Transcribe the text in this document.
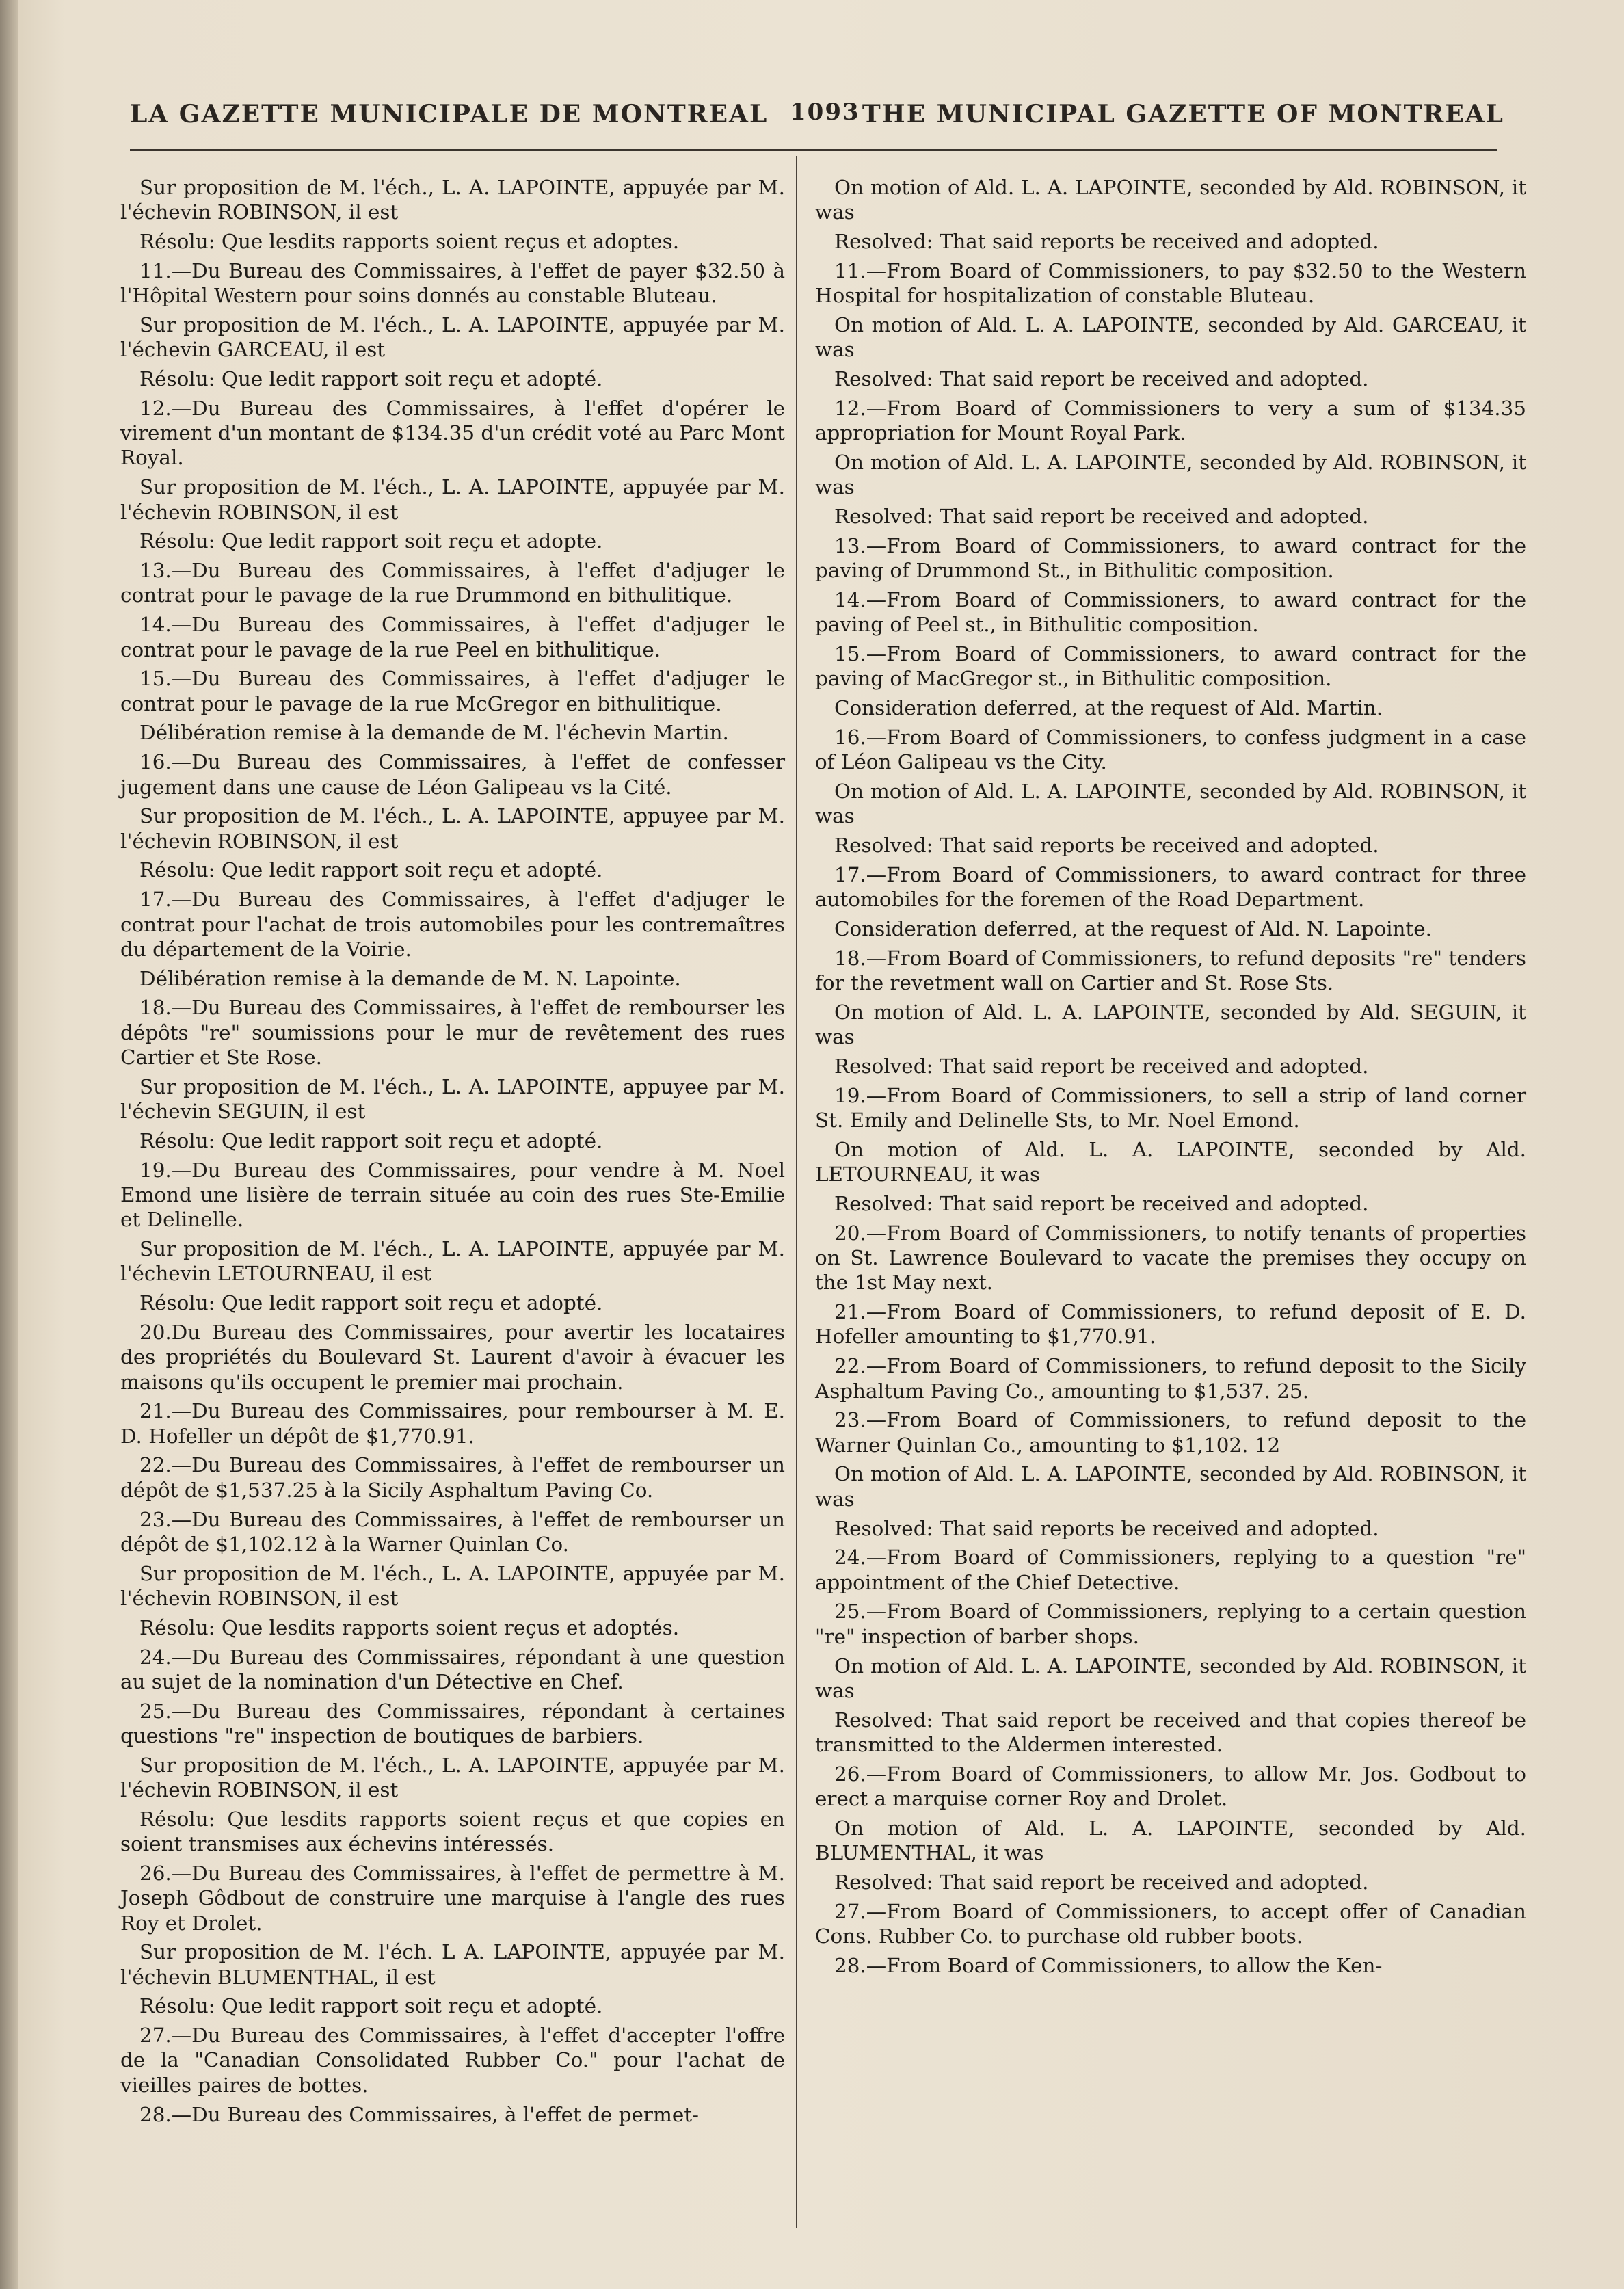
LA GAZETTE MUNICIPALE DE MONTREAL 1093 THE MUNICIPAL GAZETTE OF MONTREAL

Sur proposition de M. l'éch., L. A. LAPOINTE, appuyée par M. l'échevin ROBINSON, il est

Résolu: Que lesdits rapports soient reçus et adoptes.

11.—Du Bureau des Commissaires, à l'effet de payer $32.50 à l'Hôpital Western pour soins donnés au constable Bluteau.

Sur proposition de M. l'éch., L. A. LAPOINTE, appuyée par M. l'échevin GARCEAU, il est

Résolu: Que ledit rapport soit reçu et adopté.

12.—Du Bureau des Commissaires, à l'effet d'opérer le virement d'un montant de $134.35 d'un crédit voté au Parc Mont Royal.

Sur proposition de M. l'éch., L. A. LAPOINTE, appuyée par M. l'échevin ROBINSON, il est

Résolu: Que ledit rapport soit reçu et adopte.

13.—Du Bureau des Commissaires, à l'effet d'adjuger le contrat pour le pavage de la rue Drummond en bithulitique.

14.—Du Bureau des Commissaires, à l'effet d'adjuger le contrat pour le pavage de la rue Peel en bithulitique.

15.—Du Bureau des Commissaires, à l'effet d'adjuger le contrat pour le pavage de la rue McGregor en bithulitique.

Délibération remise à la demande de M. l'échevin Martin.

16.—Du Bureau des Commissaires, à l'effet de confesser jugement dans une cause de Léon Galipeau vs la Cité.

Sur proposition de M. l'éch., L. A. LAPOINTE, appuyee par M. l'échevin ROBINSON, il est

Résolu: Que ledit rapport soit reçu et adopté.

17.—Du Bureau des Commissaires, à l'effet d'adjuger le contrat pour l'achat de trois automobiles pour les contremaîtres du département de la Voirie.

Délibération remise à la demande de M. N. Lapointe.

18.—Du Bureau des Commissaires, à l'effet de rembourser les dépôts "re" soumissions pour le mur de revêtement des rues Cartier et Ste Rose.

Sur proposition de M. l'éch., L. A. LAPOINTE, appuyee par M. l'échevin SEGUIN, il est

Résolu: Que ledit rapport soit reçu et adopté.

19.—Du Bureau des Commissaires, pour vendre à M. Noel Emond une lisière de terrain située au coin des rues Ste-Emilie et Delinelle.

Sur proposition de M. l'éch., L. A. LAPOINTE, appuyée par M. l'échevin LETOURNEAU, il est

Résolu: Que ledit rapport soit reçu et adopté.

20.Du Bureau des Commissaires, pour avertir les locataires des propriétés du Boulevard St. Laurent d'avoir à évacuer les maisons qu'ils occupent le premier mai prochain.

21.—Du Bureau des Commissaires, pour rembourser à M. E. D. Hofeller un dépôt de $1,770.91.

22.—Du Bureau des Commissaires, à l'effet de rembourser un dépôt de $1,537.25 à la Sicily Asphaltum Paving Co.

23.—Du Bureau des Commissaires, à l'effet de rembourser un dépôt de $1,102.12 à la Warner Quinlan Co.

Sur proposition de M. l'éch., L. A. LAPOINTE, appuyée par M. l'échevin ROBINSON, il est

Résolu: Que lesdits rapports soient reçus et adoptés.

24.—Du Bureau des Commissaires, répondant à une question au sujet de la nomination d'un Détective en Chef.

25.—Du Bureau des Commissaires, répondant à certaines questions "re" inspection de boutiques de barbiers.

Sur proposition de M. l'éch., L. A. LAPOINTE, appuyée par M. l'échevin ROBINSON, il est

Résolu: Que lesdits rapports soient reçus et que copies en soient transmises aux échevins intéressés.

26.—Du Bureau des Commissaires, à l'effet de permettre à M. Joseph Gôdbout de construire une marquise à l'angle des rues Roy et Drolet.

Sur proposition de M. l'éch. L A. LAPOINTE, appuyée par M. l'échevin BLUMENTHAL, il est

Résolu: Que ledit rapport soit reçu et adopté.

27.—Du Bureau des Commissaires, à l'effet d'accepter l'offre de la "Canadian Consolidated Rubber Co." pour l'achat de vieilles paires de bottes.

28.—Du Bureau des Commissaires, à l'effet de permet-

On motion of Ald. L. A. LAPOINTE, seconded by Ald. ROBINSON, it was

Resolved: That said reports be received and adopted.

11.—From Board of Commissioners, to pay $32.50 to the Western Hospital for hospitalization of constable Bluteau.

On motion of Ald. L. A. LAPOINTE, seconded by Ald. GARCEAU, it was

Resolved: That said report be received and adopted.

12.—From Board of Commissioners to very a sum of $134.35 appropriation for Mount Royal Park.

On motion of Ald. L. A. LAPOINTE, seconded by Ald. ROBINSON, it was

Resolved: That said report be received and adopted.

13.—From Board of Commissioners, to award contract for the paving of Drummond St., in Bithulitic composition.

14.—From Board of Commissioners, to award contract for the paving of Peel st., in Bithulitic composition.

15.—From Board of Commissioners, to award contract for the paving of MacGregor st., in Bithulitic composition.

Consideration deferred, at the request of Ald. Martin.

16.—From Board of Commissioners, to confess judgment in a case of Léon Galipeau vs the City.

On motion of Ald. L. A. LAPOINTE, seconded by Ald. ROBINSON, it was

Resolved: That said reports be received and adopted.

17.—From Board of Commissioners, to award contract for three automobiles for the foremen of the Road Department.

Consideration deferred, at the request of Ald. N. Lapointe.

18.—From Board of Commissioners, to refund deposits "re" tenders for the revetment wall on Cartier and St. Rose Sts.

On motion of Ald. L. A. LAPOINTE, seconded by Ald. SEGUIN, it was

Resolved: That said report be received and adopted.

19.—From Board of Commissioners, to sell a strip of land corner St. Emily and Delinelle Sts, to Mr. Noel Emond.

On motion of Ald. L. A. LAPOINTE, seconded by Ald. LETOURNEAU, it was

Resolved: That said report be received and adopted.

20.—From Board of Commissioners, to notify tenants of properties on St. Lawrence Boulevard to vacate the premises they occupy on the 1st May next.

21.—From Board of Commissioners, to refund deposit of E. D. Hofeller amounting to $1,770.91.

22.—From Board of Commissioners, to refund deposit to the Sicily Asphaltum Paving Co., amounting to $1,537. 25.

23.—From Board of Commissioners, to refund deposit to the Warner Quinlan Co., amounting to $1,102. 12

On motion of Ald. L. A. LAPOINTE, seconded by Ald. ROBINSON, it was

Resolved: That said reports be received and adopted.

24.—From Board of Commissioners, replying to a question "re" appointment of the Chief Detective.

25.—From Board of Commissioners, replying to a certain question "re" inspection of barber shops.

On motion of Ald. L. A. LAPOINTE, seconded by Ald. ROBINSON, it was

Resolved: That said report be received and that copies thereof be transmitted to the Aldermen interested.

26.—From Board of Commissioners, to allow Mr. Jos. Godbout to erect a marquise corner Roy and Drolet.

On motion of Ald. L. A. LAPOINTE, seconded by Ald. BLUMENTHAL, it was

Resolved: That said report be received and adopted.

27.—From Board of Commissioners, to accept offer of Canadian Cons. Rubber Co. to purchase old rubber boots.

28.—From Board of Commissioners, to allow the Ken-
